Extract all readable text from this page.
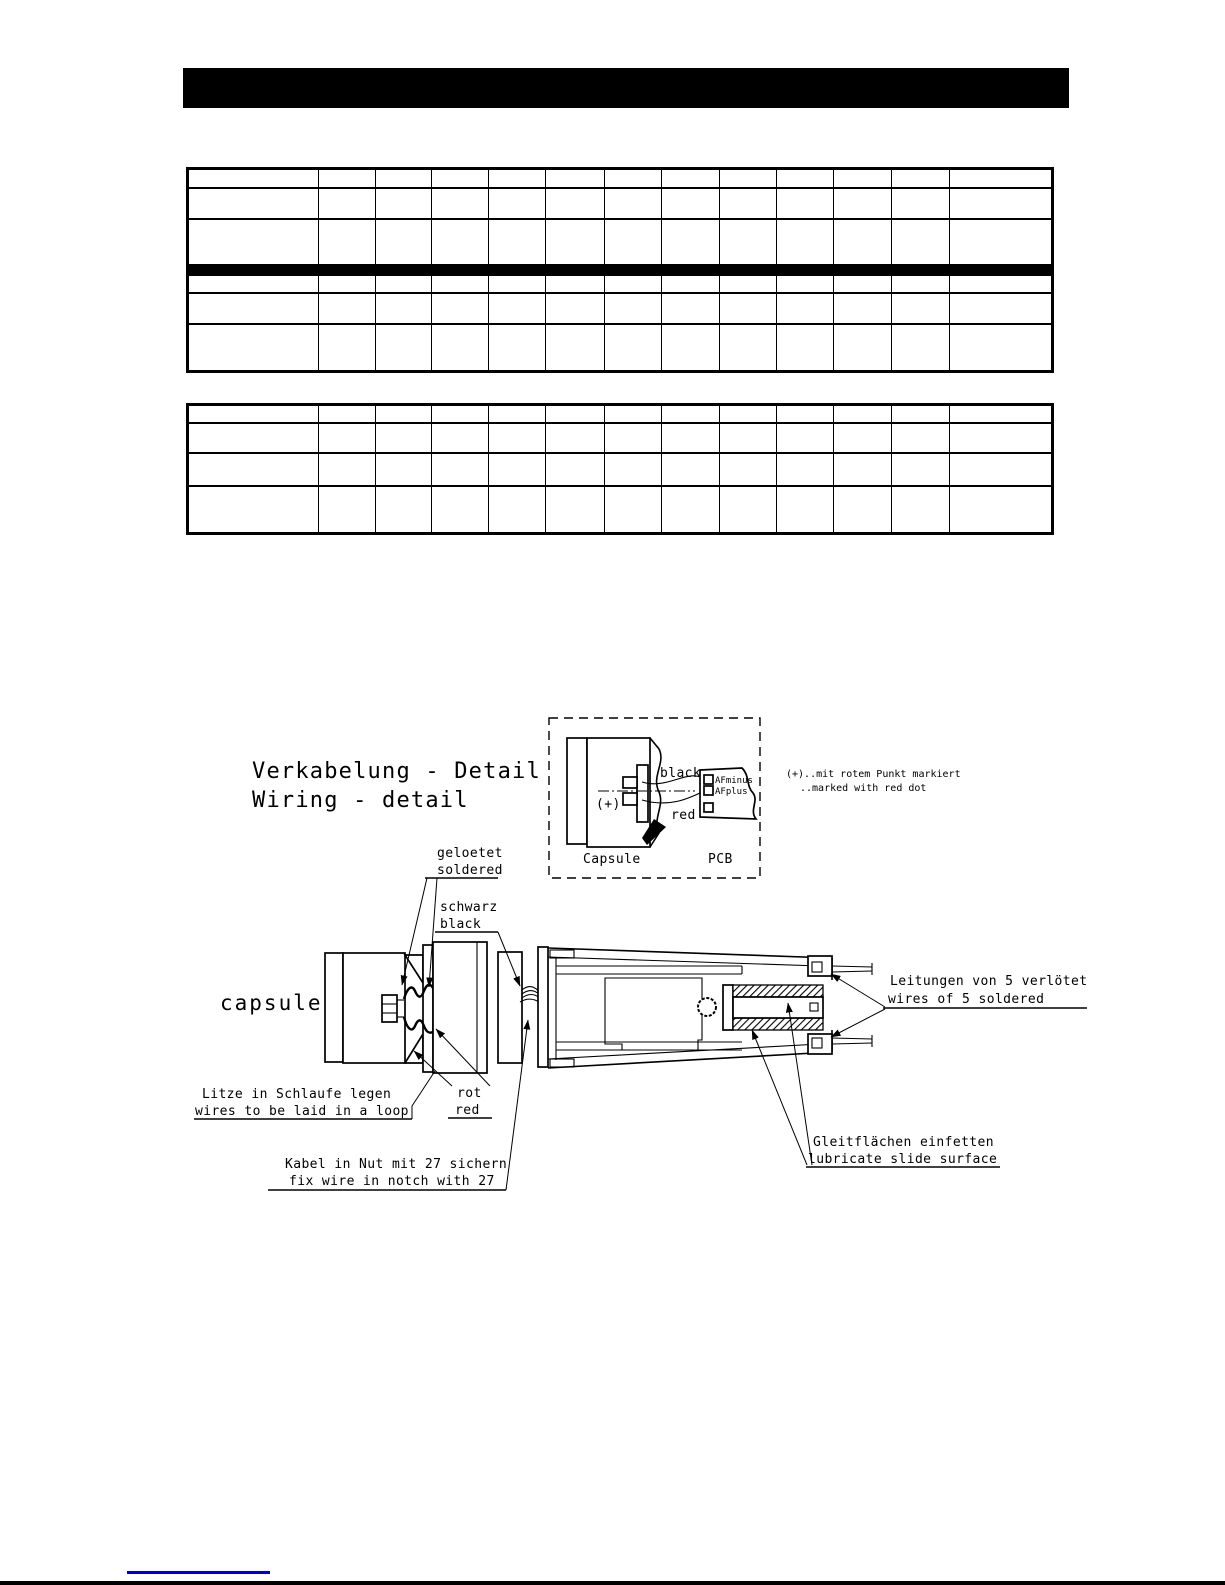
Verkabelung - Detail
Wiring - detail
black
red
(+)
AFminus
AFplus
Capsule	PCB
(+)..mit rotem Punkt markiert
..marked with red dot
capsule
geloetet
soldered
schwarz
black
rot
red
Litze in Schlaufe legen
wires to be laid in a loop
Kabel in Nut mit 27 sichern
fix wire in notch with 27
Gleitflächen einfetten
lubricate slide surface
Leitungen von 5 verlötet
wires of 5 soldered
